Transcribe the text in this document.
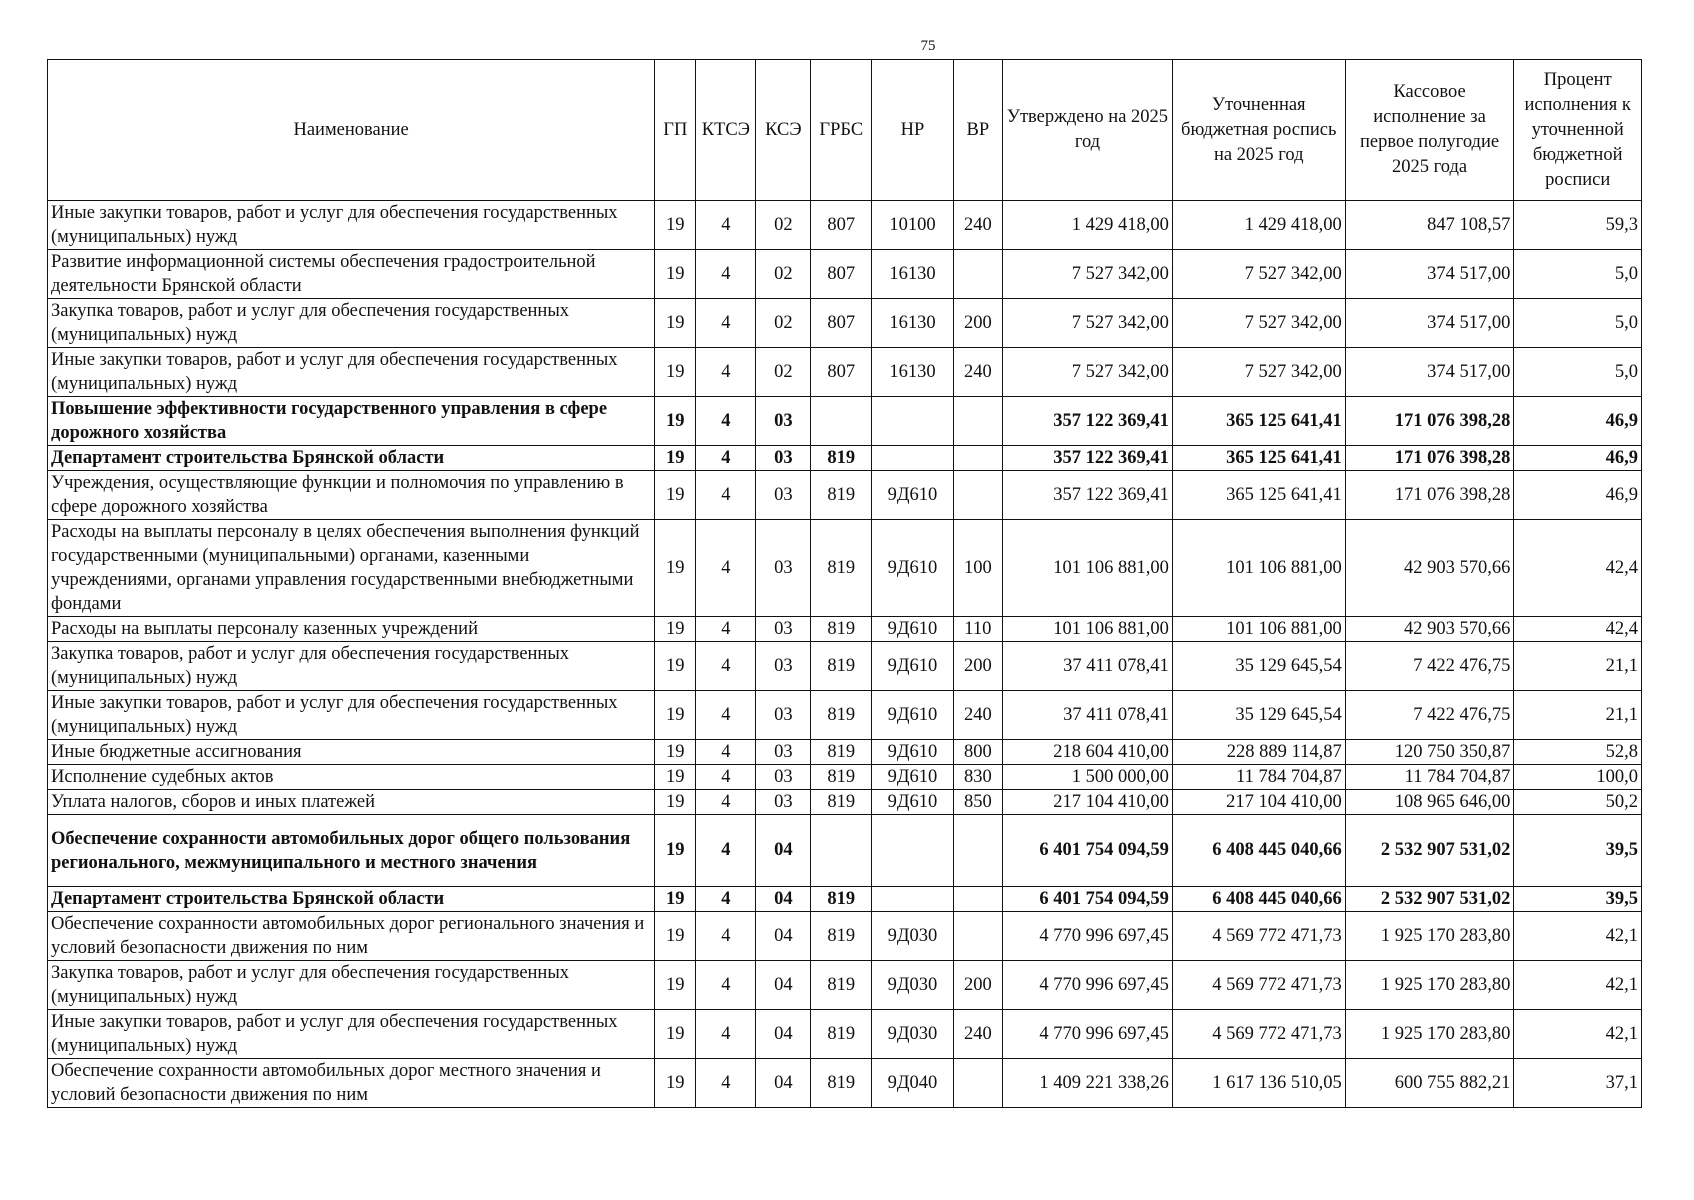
75
Наименование	ГП	КТСЭ	КСЭ	ГРБС	НР	ВР	Утверждено на 2025 год	Уточненная бюджетная роспись на 2025 год	Кассовое исполнение за первое полугодие 2025 года	Процент исполнения к уточненной бюджетной росписи
Иные закупки товаров, работ и услуг для обеспечения государственных (муниципальных) нужд	19	4	02	807	10100	240	1 429 418,00	1 429 418,00	847 108,57	59,3
Развитие информационной системы обеспечения градостроительной деятельности Брянской области	19	4	02	807	16130		7 527 342,00	7 527 342,00	374 517,00	5,0
Закупка товаров, работ и услуг для обеспечения государственных (муниципальных) нужд	19	4	02	807	16130	200	7 527 342,00	7 527 342,00	374 517,00	5,0
Иные закупки товаров, работ и услуг для обеспечения государственных (муниципальных) нужд	19	4	02	807	16130	240	7 527 342,00	7 527 342,00	374 517,00	5,0
Повышение эффективности государственного управления в сфере дорожного хозяйства	19	4	03				357 122 369,41	365 125 641,41	171 076 398,28	46,9
Департамент строительства Брянской области	19	4	03	819			357 122 369,41	365 125 641,41	171 076 398,28	46,9
Учреждения, осуществляющие функции и полномочия по управлению в сфере дорожного хозяйства	19	4	03	819	9Д610		357 122 369,41	365 125 641,41	171 076 398,28	46,9
Расходы на выплаты персоналу в целях обеспечения выполнения функций государственными (муниципальными) органами, казенными учреждениями, органами управления государственными внебюджетными фондами	19	4	03	819	9Д610	100	101 106 881,00	101 106 881,00	42 903 570,66	42,4
Расходы на выплаты персоналу казенных учреждений	19	4	03	819	9Д610	110	101 106 881,00	101 106 881,00	42 903 570,66	42,4
Закупка товаров, работ и услуг для обеспечения государственных (муниципальных) нужд	19	4	03	819	9Д610	200	37 411 078,41	35 129 645,54	7 422 476,75	21,1
Иные закупки товаров, работ и услуг для обеспечения государственных (муниципальных) нужд	19	4	03	819	9Д610	240	37 411 078,41	35 129 645,54	7 422 476,75	21,1
Иные бюджетные ассигнования	19	4	03	819	9Д610	800	218 604 410,00	228 889 114,87	120 750 350,87	52,8
Исполнение судебных актов	19	4	03	819	9Д610	830	1 500 000,00	11 784 704,87	11 784 704,87	100,0
Уплата налогов, сборов и иных платежей	19	4	03	819	9Д610	850	217 104 410,00	217 104 410,00	108 965 646,00	50,2
Обеспечение сохранности автомобильных дорог общего пользования регионального, межмуниципального и местного значения	19	4	04				6 401 754 094,59	6 408 445 040,66	2 532 907 531,02	39,5
Департамент строительства Брянской области	19	4	04	819			6 401 754 094,59	6 408 445 040,66	2 532 907 531,02	39,5
Обеспечение сохранности автомобильных дорог регионального значения и условий безопасности движения по ним	19	4	04	819	9Д030		4 770 996 697,45	4 569 772 471,73	1 925 170 283,80	42,1
Закупка товаров, работ и услуг для обеспечения государственных (муниципальных) нужд	19	4	04	819	9Д030	200	4 770 996 697,45	4 569 772 471,73	1 925 170 283,80	42,1
Иные закупки товаров, работ и услуг для обеспечения государственных (муниципальных) нужд	19	4	04	819	9Д030	240	4 770 996 697,45	4 569 772 471,73	1 925 170 283,80	42,1
Обеспечение сохранности автомобильных дорог местного значения и условий безопасности движения по ним	19	4	04	819	9Д040		1 409 221 338,26	1 617 136 510,05	600 755 882,21	37,1
